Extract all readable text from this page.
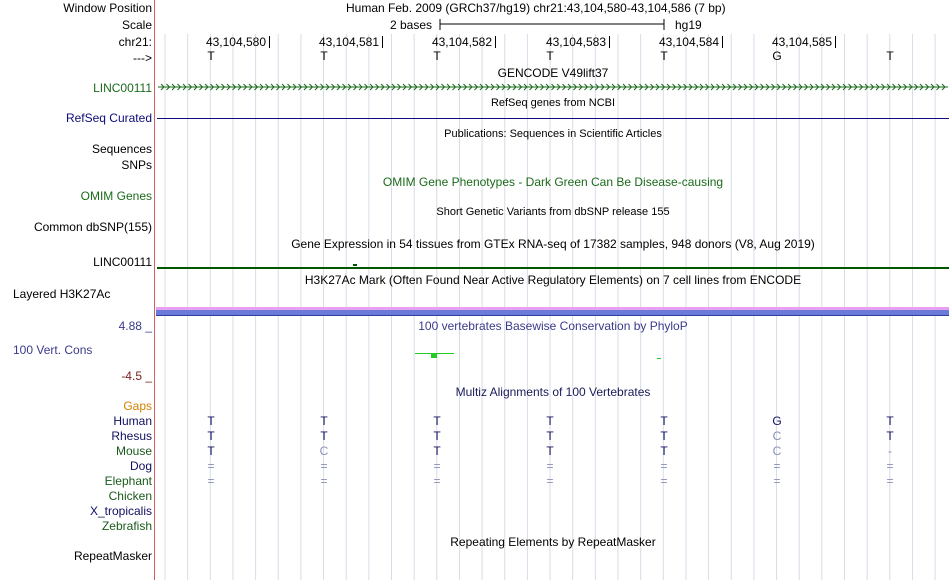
Window Position	Human Feb. 2009 (GRCh37/hg19) chr21:43,104,580-43,104,586 (7 bp)
Scale	2 bases	hg19
chr21:	43,104,580	43,104,581	43,104,582	43,104,583	43,104,584	43,104,585
--->	T	T	T	T	T	G	T
GENCODE V49lift37
LINC00111
RefSeq genes from NCBI
RefSeq Curated
Publications: Sequences in Scientific Articles
Sequences
SNPs
OMIM Gene Phenotypes - Dark Green Can Be Disease-causing
OMIM Genes
Short Genetic Variants from dbSNP release 155
Common dbSNP(155)
Gene Expression in 54 tissues from GTEx RNA-seq of 17382 samples, 948 donors (V8, Aug 2019)
LINC00111
H3K27Ac Mark (Often Found Near Active Regulatory Elements) on 7 cell lines from ENCODE
Layered H3K27Ac
4.88 _	100 vertebrates Basewise Conservation by PhyloP
100 Vert. Cons
-4.5 _
Multiz Alignments of 100 Vertebrates
Gaps
Human	T	T	T	T	T	G	T
Rhesus	T	T	T	T	T	C	T
Mouse	T	C	T	T	T	C	-
Dog	=	=	=	=	=	=	=
Elephant	=	=	=	=	=	=	=
Chicken
X_tropicalis
Zebrafish
Repeating Elements by RepeatMasker
RepeatMasker
